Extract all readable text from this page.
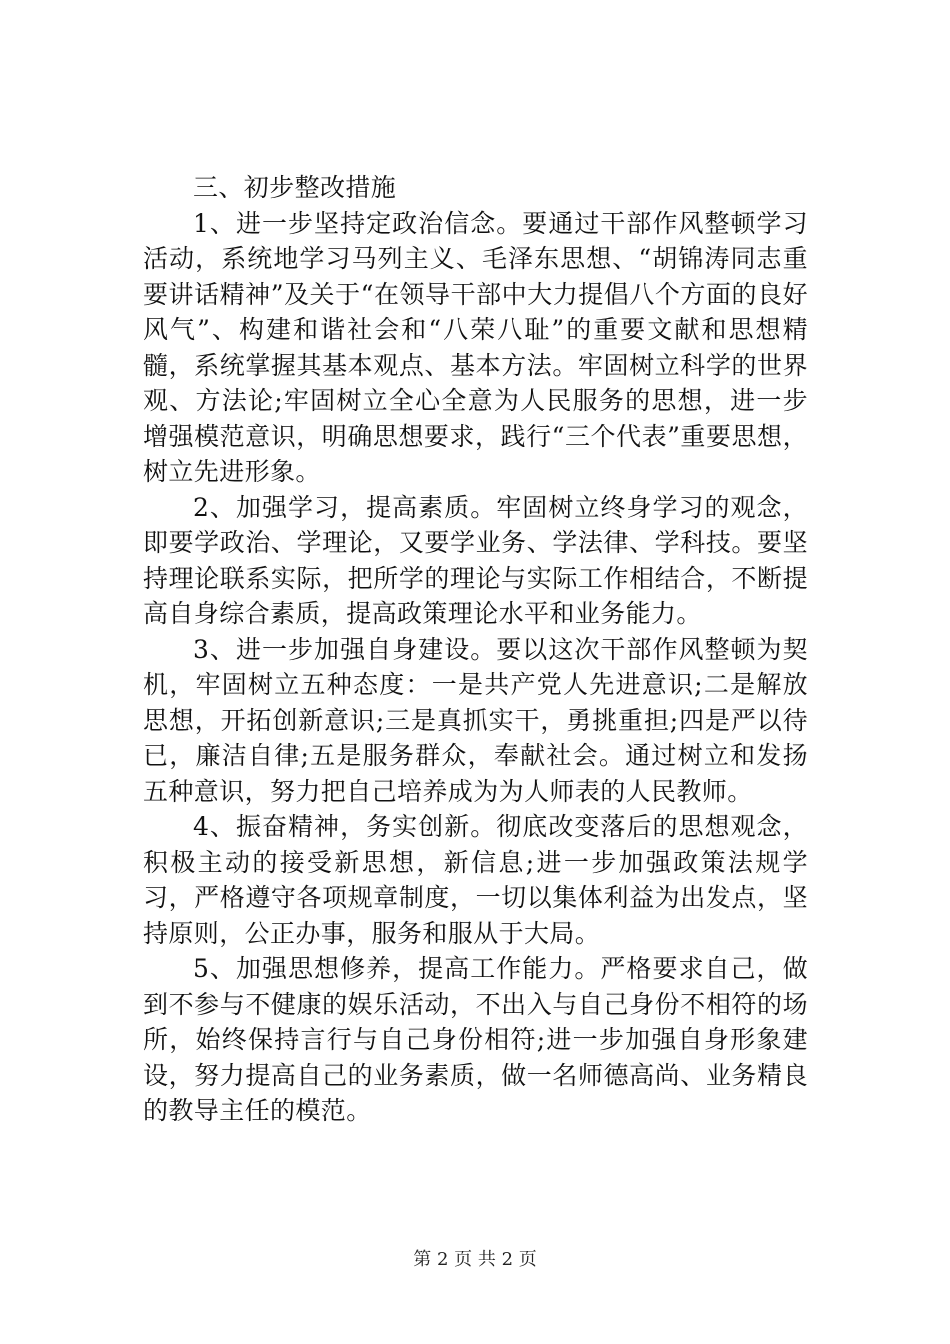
三、初步整改措施

1、进一步坚持定政治信念。要通过干部作风整顿学习活动，系统地学习马列主义、毛泽东思想、“胡锦涛同志重要讲话精神”及关于“在领导干部中大力提倡八个方面的良好风气”、构建和谐社会和“八荣八耻”的重要文献和思想精髓，系统掌握其基本观点、基本方法。牢固树立科学的世界观、方法论;牢固树立全心全意为人民服务的思想，进一步增强模范意识，明确思想要求，践行“三个代表”重要思想，树立先进形象。

2、加强学习，提高素质。牢固树立终身学习的观念，即要学政治、学理论，又要学业务、学法律、学科技。要坚持理论联系实际，把所学的理论与实际工作相结合，不断提高自身综合素质，提高政策理论水平和业务能力。

3、进一步加强自身建设。要以这次干部作风整顿为契机，牢固树立五种态度：一是共产党人先进意识;二是解放思想，开拓创新意识;三是真抓实干，勇挑重担;四是严以待已，廉洁自律;五是服务群众，奉献社会。通过树立和发扬五种意识，努力把自己培养成为为人师表的人民教师。

4、振奋精神，务实创新。彻底改变落后的思想观念，积极主动的接受新思想，新信息;进一步加强政策法规学习，严格遵守各项规章制度，一切以集体利益为出发点，坚持原则，公正办事，服务和服从于大局。

5、加强思想修养，提高工作能力。严格要求自己，做到不参与不健康的娱乐活动，不出入与自己身份不相符的场所，始终保持言行与自己身份相符;进一步加强自身形象建设，努力提高自己的业务素质，做一名师德高尚、业务精良的教导主任的模范。

第 2 页 共 2 页
